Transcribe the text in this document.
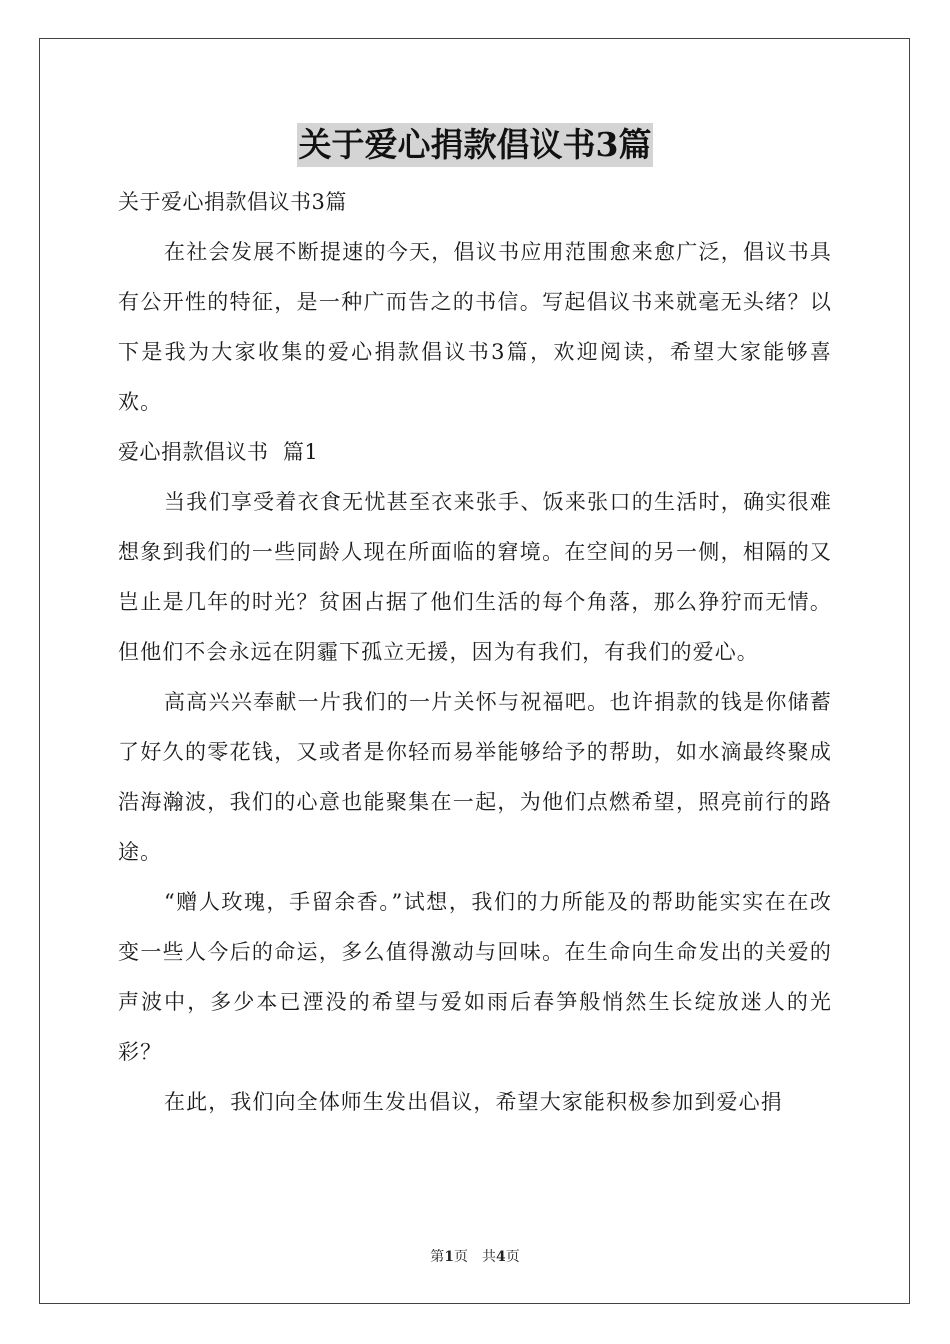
关于爱心捐款倡议书3篇

关于爱心捐款倡议书3篇

在社会发展不断提速的今天，倡议书应用范围愈来愈广泛，倡议书具有公开性的特征，是一种广而告之的书信。写起倡议书来就毫无头绪？以下是我为大家收集的爱心捐款倡议书3篇，欢迎阅读，希望大家能够喜欢。

爱心捐款倡议书  篇1

当我们享受着衣食无忧甚至衣来张手、饭来张口的生活时，确实很难想象到我们的一些同龄人现在所面临的窘境。在空间的另一侧，相隔的又岂止是几年的时光？贫困占据了他们生活的每个角落，那么狰狞而无情。但他们不会永远在阴霾下孤立无援，因为有我们，有我们的爱心。

高高兴兴奉献一片我们的一片关怀与祝福吧。也许捐款的钱是你储蓄了好久的零花钱，又或者是你轻而易举能够给予的帮助，如水滴最终聚成浩海瀚波，我们的心意也能聚集在一起，为他们点燃希望，照亮前行的路途。

“赠人玫瑰，手留余香。”试想，我们的力所能及的帮助能实实在在改变一些人今后的命运，多么值得激动与回味。在生命向生命发出的关爱的声波中，多少本已湮没的希望与爱如雨后春笋般悄然生长绽放迷人的光彩？

在此，我们向全体师生发出倡议，希望大家能积极参加到爱心捐

第1页 共4页
